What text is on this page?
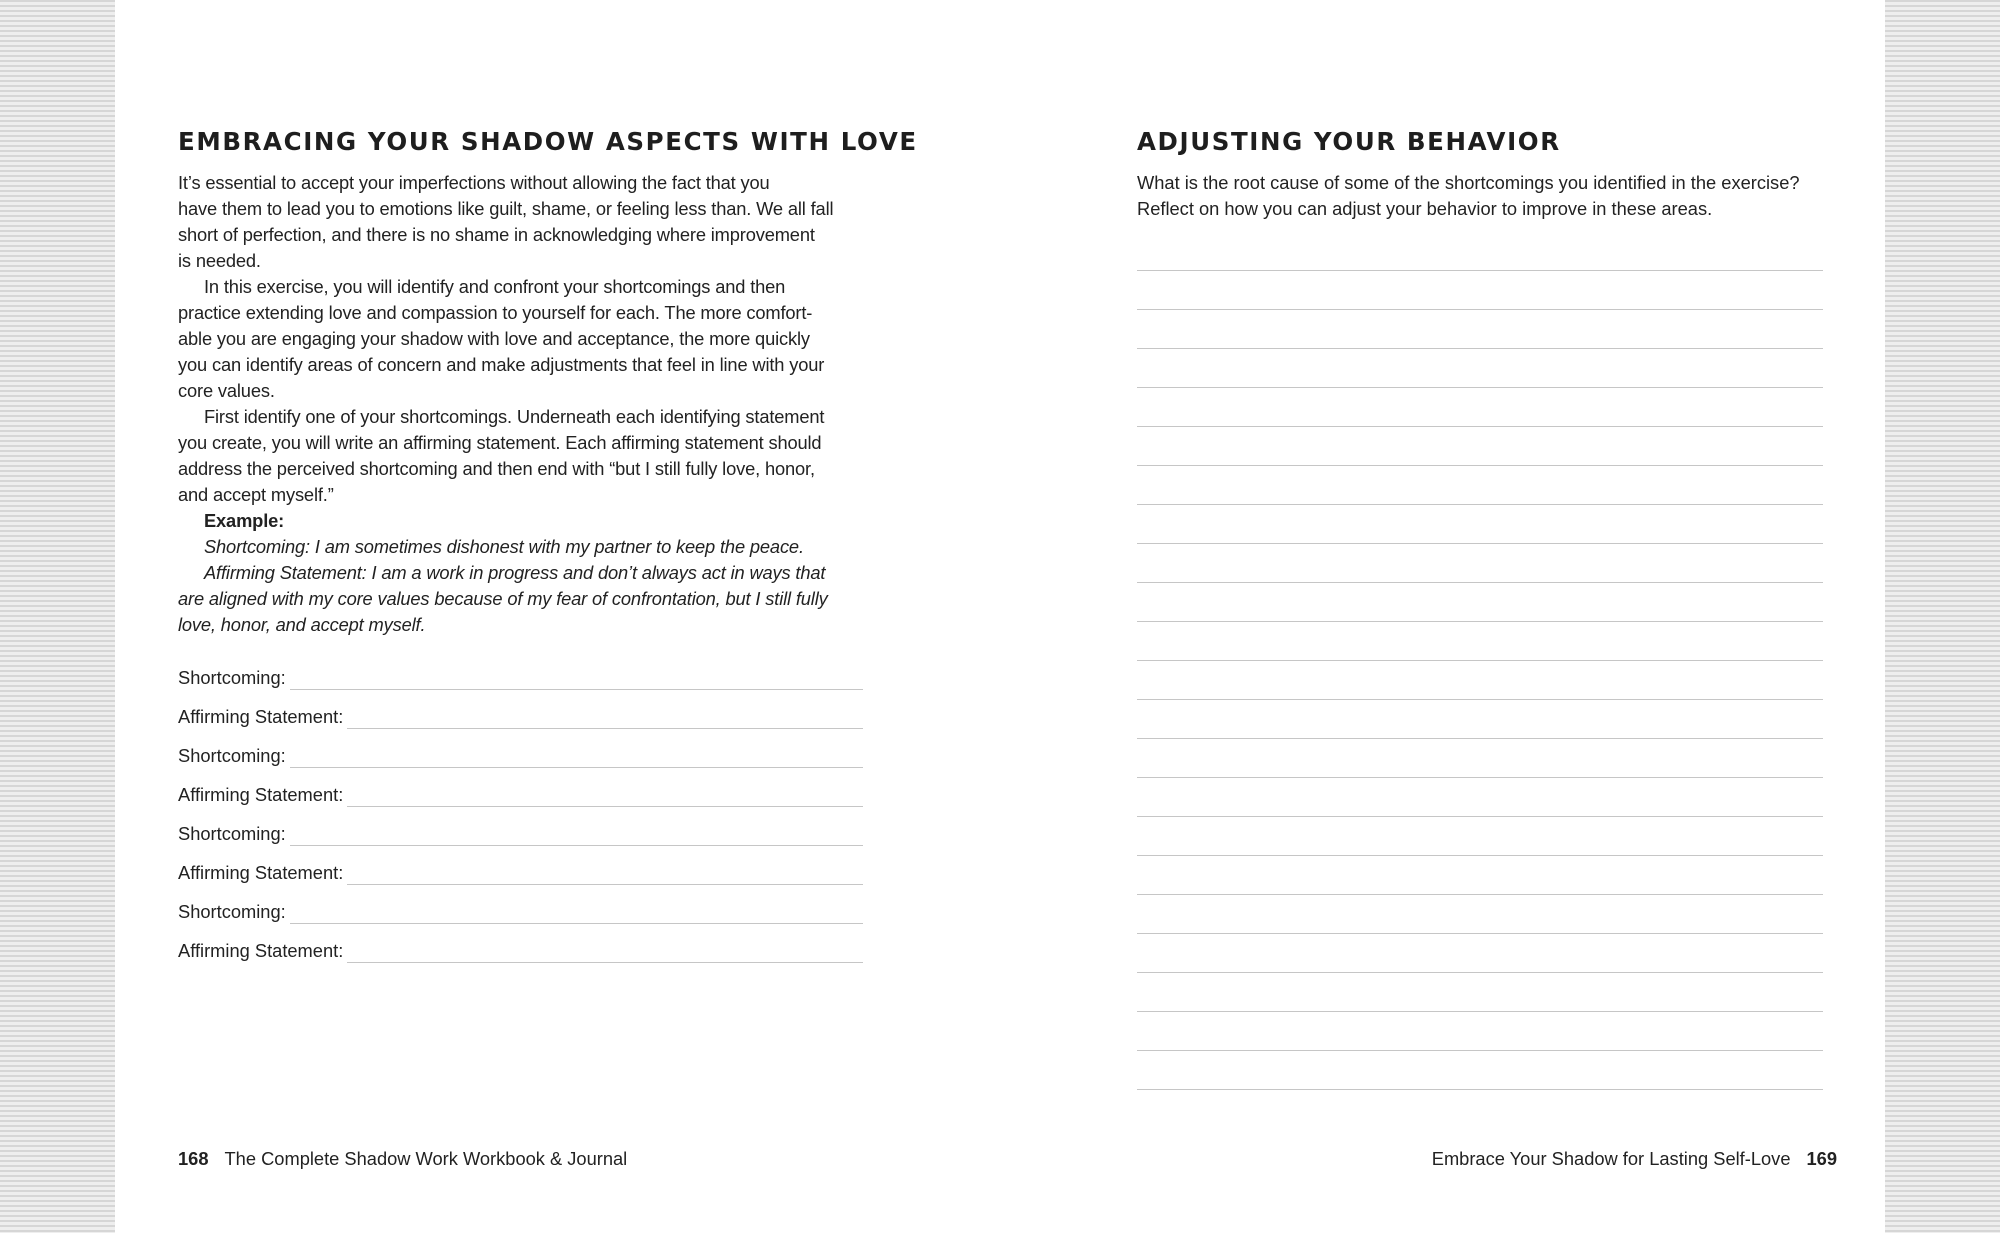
EMBRACING YOUR SHADOW ASPECTS WITH LOVE

It’s essential to accept your imperfections without allowing the fact that you
have them to lead you to emotions like guilt, shame, or feeling less than. We all fall
short of perfection, and there is no shame in acknowledging where improvement
is needed.

In this exercise, you will identify and confront your shortcomings and then
practice extending love and compassion to yourself for each. The more comfort-
able you are engaging your shadow with love and acceptance, the more quickly
you can identify areas of concern and make adjustments that feel in line with your
core values.

First identify one of your shortcomings. Underneath each identifying statement
you create, you will write an affirming statement. Each affirming statement should
address the perceived shortcoming and then end with “but I still fully love, honor,
and accept myself.”

Example:

Shortcoming: I am sometimes dishonest with my partner to keep the peace.

Affirming Statement: I am a work in progress and don’t always act in ways that
are aligned with my core values because of my fear of confrontation, but I still fully
love, honor, and accept myself.

Shortcoming:
Affirming Statement:
Shortcoming:
Affirming Statement:
Shortcoming:
Affirming Statement:
Shortcoming:
Affirming Statement:
168 The Complete Shadow Work Workbook & Journal
ADJUSTING YOUR BEHAVIOR

What is the root cause of some of the shortcomings you identified in the exercise?
Reflect on how you can adjust your behavior to improve in these areas.

Embrace Your Shadow for Lasting Self-Love 169
